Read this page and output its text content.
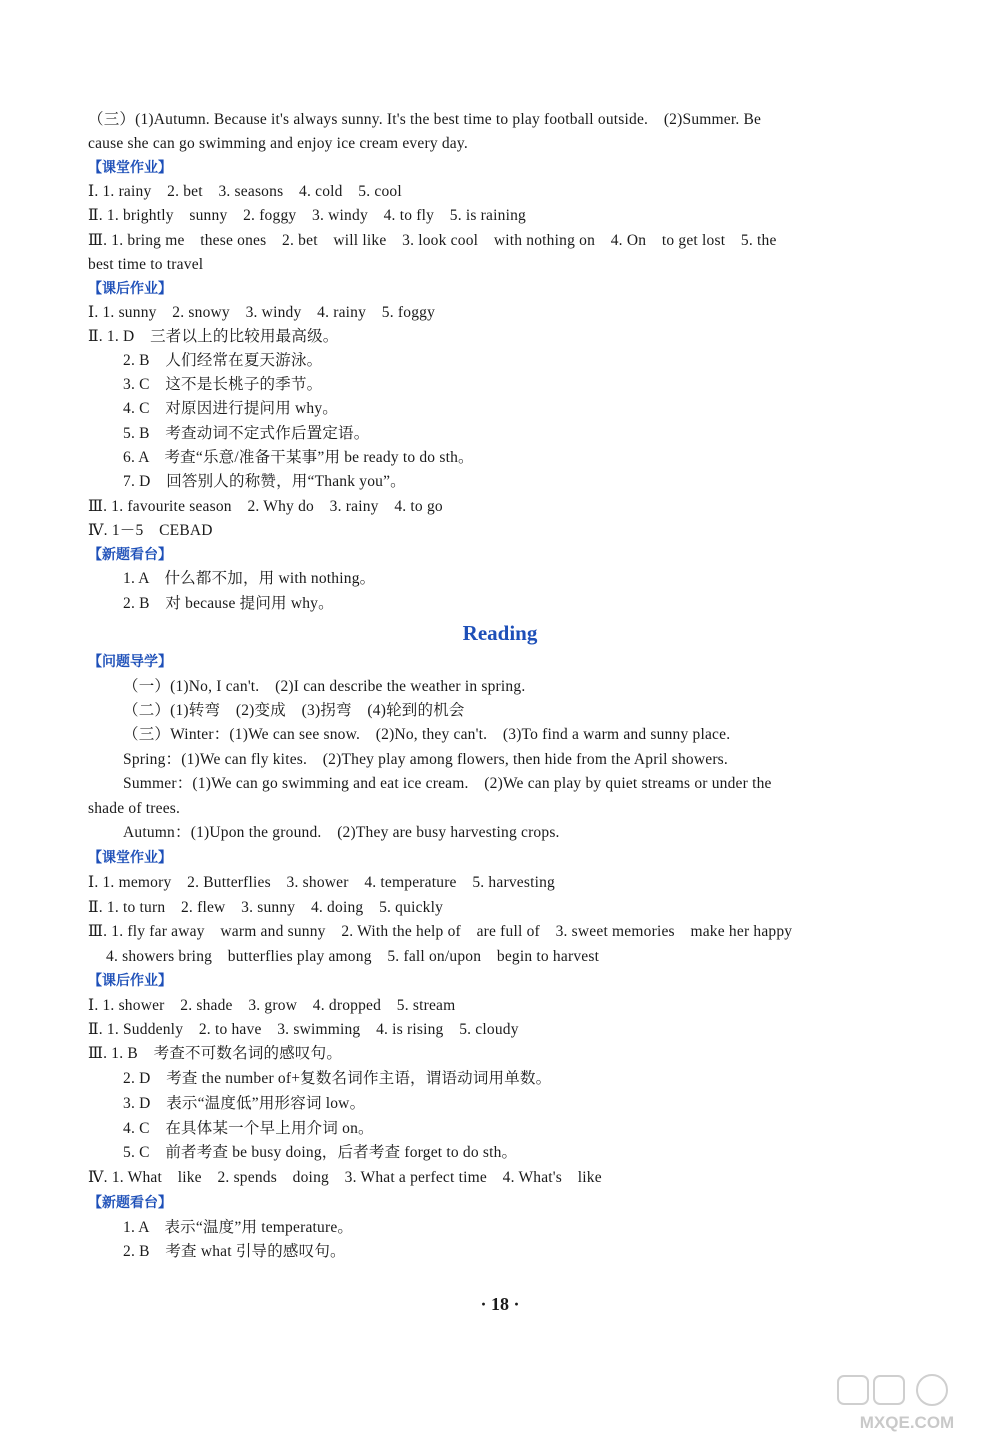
（三）(1)Autumn. Because it's always sunny. It's the best time to play football outside.　(2)Summer. Be
cause she can go swimming and enjoy ice cream every day.
【课堂作业】
Ⅰ. 1. rainy　2. bet　3. seasons　4. cold　5. cool
Ⅱ. 1. brightly　sunny　2. foggy　3. windy　4. to fly　5. is raining
Ⅲ. 1. bring me　these ones　2. bet　will like　3. look cool　with nothing on　4. On　to get lost　5. the
best time to travel
【课后作业】
Ⅰ. 1. sunny　2. snowy　3. windy　4. rainy　5. foggy
Ⅱ. 1. D　三者以上的比较用最高级。
2. B　人们经常在夏天游泳。
3. C　这不是长桃子的季节。
4. C　对原因进行提问用 why。
5. B　考查动词不定式作后置定语。
6. A　考查“乐意/准备干某事”用 be ready to do sth。
7. D　回答别人的称赞，用“Thank you”。
Ⅲ. 1. favourite season　2. Why do　3. rainy　4. to go
Ⅳ. 1－5　CEBAD
【新题看台】
1. A　什么都不加，用 with nothing。
2. B　对 because 提问用 why。
Reading
【问题导学】
（一）(1)No, I can't.　(2)I can describe the weather in spring.
（二）(1)转弯　(2)变成　(3)拐弯　(4)轮到的机会
（三）Winter：(1)We can see snow.　(2)No, they can't.　(3)To find a warm and sunny place.
Spring：(1)We can fly kites.　(2)They play among flowers, then hide from the April showers.
Summer：(1)We can go swimming and eat ice cream.　(2)We can play by quiet streams or under the
shade of trees.
Autumn：(1)Upon the ground.　(2)They are busy harvesting crops.
【课堂作业】
Ⅰ. 1. memory　2. Butterflies　3. shower　4. temperature　5. harvesting
Ⅱ. 1. to turn　2. flew　3. sunny　4. doing　5. quickly
Ⅲ. 1. fly far away　warm and sunny　2. With the help of　are full of　3. sweet memories　make her happy
4. showers bring　butterflies play among　5. fall on/upon　begin to harvest
【课后作业】
Ⅰ. 1. shower　2. shade　3. grow　4. dropped　5. stream
Ⅱ. 1. Suddenly　2. to have　3. swimming　4. is rising　5. cloudy
Ⅲ. 1. B　考查不可数名词的感叹句。
2. D　考查 the number of+复数名词作主语，谓语动词用单数。
3. D　表示“温度低”用形容词 low。
4. C　在具体某一个早上用介词 on。
5. C　前者考查 be busy doing，后者考查 forget to do sth。
Ⅳ. 1. What　like　2. spends　doing　3. What a perfect time　4. What's　like
【新题看台】
1. A　表示“温度”用 temperature。
2. B　考查 what 引导的感叹句。
· 18 ·
MXQE.COM
